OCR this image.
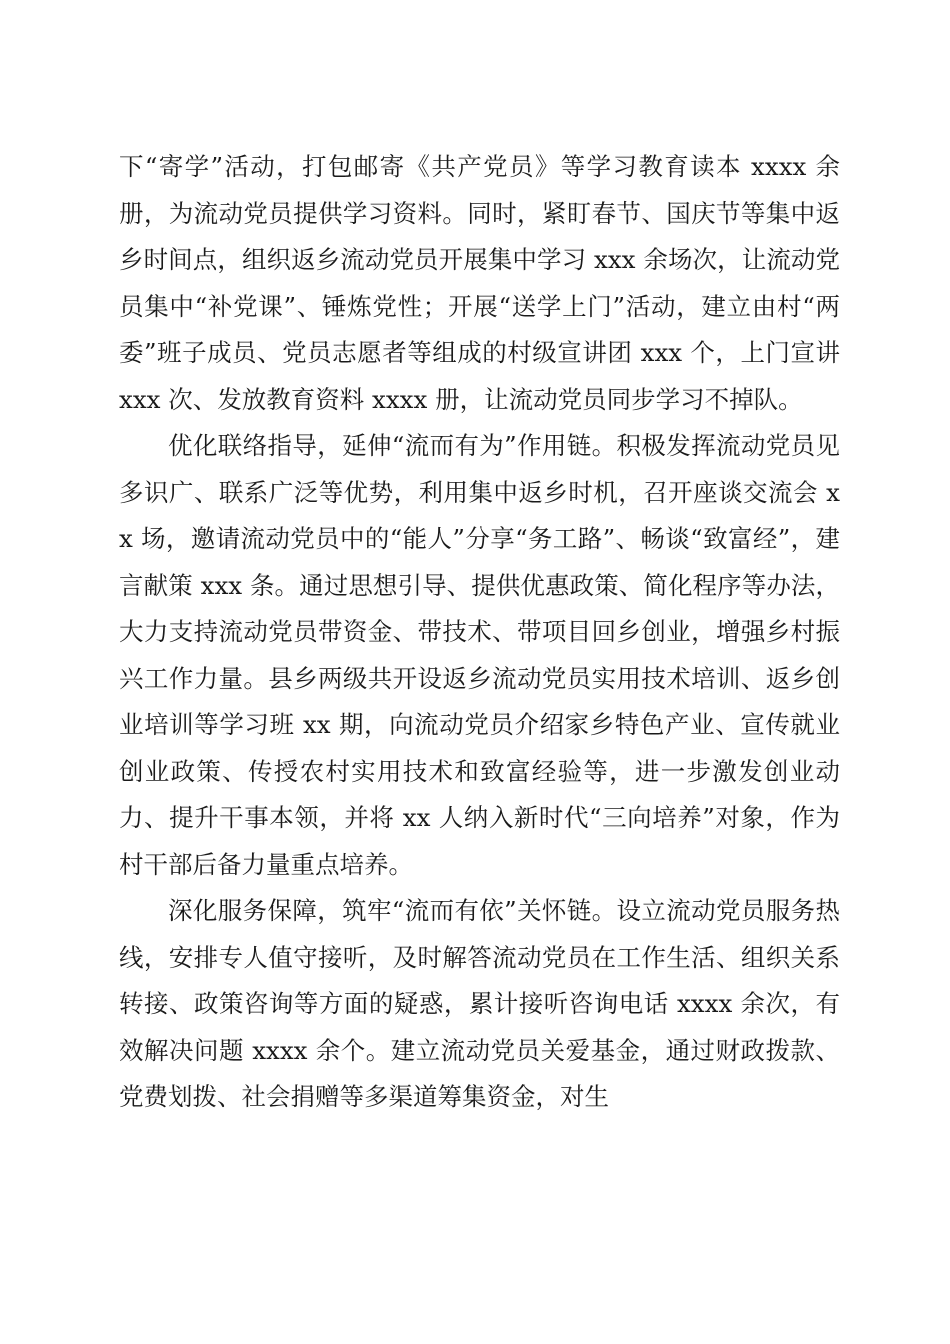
下“寄学”活动，打包邮寄《共产党员》等学习教育读本 xxxx 余册，为流动党员提供学习资料。同时，紧盯春节、国庆节等集中返乡时间点，组织返乡流动党员开展集中学习 xxx 余场次，让流动党员集中“补党课”、锤炼党性；开展“送学上门”活动，建立由村“两委”班子成员、党员志愿者等组成的村级宣讲团 xxx 个，上门宣讲 xxx 次、发放教育资料 xxxx 册，让流动党员同步学习不掉队。

优化联络指导，延伸“流而有为”作用链。积极发挥流动党员见多识广、联系广泛等优势，利用集中返乡时机，召开座谈交流会 xx 场，邀请流动党员中的“能人”分享“务工路”、畅谈“致富经”，建言献策 xxx 条。通过思想引导、提供优惠政策、简化程序等办法，大力支持流动党员带资金、带技术、带项目回乡创业，增强乡村振兴工作力量。县乡两级共开设返乡流动党员实用技术培训、返乡创业培训等学习班 xx 期，向流动党员介绍家乡特色产业、宣传就业创业政策、传授农村实用技术和致富经验等，进一步激发创业动力、提升干事本领，并将 xx 人纳入新时代“三向培养”对象，作为村干部后备力量重点培养。

深化服务保障，筑牢“流而有依”关怀链。设立流动党员服务热线，安排专人值守接听，及时解答流动党员在工作生活、组织关系转接、政策咨询等方面的疑惑，累计接听咨询电话 xxxx 余次，有效解决问题 xxxx 余个。建立流动党员关爱基金，通过财政拨款、党费划拨、社会捐赠等多渠道筹集资金，对生
